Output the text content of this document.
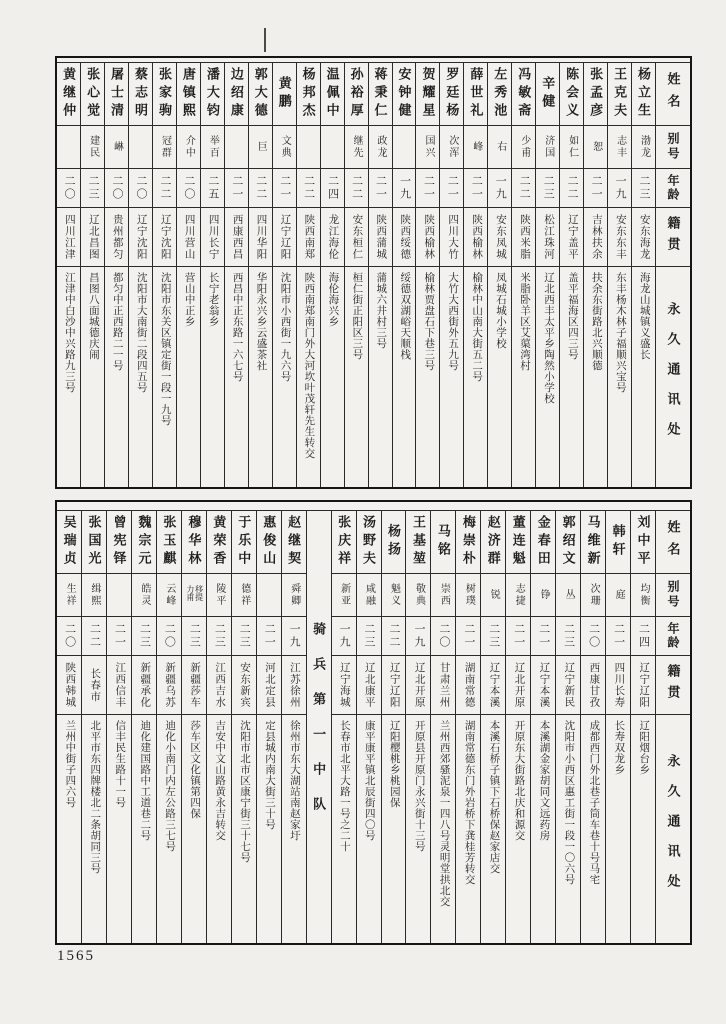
姓名
别号
年龄
籍贯
永久通讯处
杨立生
渤龙
二三
安东海龙
海龙山城镇义盛长
王克夫
志丰
一九
安东东丰
东丰杨木林子福顺兴宝号
张孟彦
恕
二一
吉林扶余
扶余东街路北兴顺德
陈会义
如仁
二二
辽宁盖平
盖平福海区四三号
辛健
济国
二三
松江珠河
辽北西丰太平乡陶然小学校
冯敏斋
少甫
二二
陕西米脂
米脂卧羊区艾蕖湾村
左秀池
右
一九
安东凤城
凤城石城小学校
薛世礼
峰
二一
陕西榆林
榆林中山南大街五二号
罗廷杨
次浑
二一
四川大竹
大竹大西街外五九号
贺耀星
国兴
二一
陕西榆林
榆林贾盘石下巷三号
安钟健
一九
陕西绥德
绥德双湖峪天顺栈
蒋秉仁
政龙
二一
陕西蒲城
蒲城六井村三号
孙裕厚
继先
二二
安东桓仁
桓仁街正阳区三号
温佩中
二四
龙江海伦
海伦海兴乡
杨邦杰
二二
陕西南郑
陕西南郑南门外大河坎叶茂轩先生转交
黄鹏
文典
二一
辽宁辽阳
沈阳市小西街一九六号
郭大德
巨
二二
四川华阳
华阳永兴乡云盛茶社
边绍康
二一
西康西昌
西昌中正东路一六七号
潘大钧
举百
二五
四川长宁
长宁老翁乡
唐镇熙
介中
二〇
四川营山
营山中正乡
张家驹
冠群
二二
辽宁沈阳
沈阳市东关区镇定街一段一九号
蔡志明
二〇
辽宁沈阳
沈阳市大南街二段四五号
屠士清
崊
二〇
贵州都匀
都匀中正西路二一号
张心觉
建民
二三
辽北昌图
昌图八面城德庆闹
黄继仲
二〇
四川江津
江津中白沙中兴路九三号
姓名
别号
年龄
籍贯
永久通讯处
刘中平
均衡
二四
辽宁辽阳
辽阳烟台乡
韩轩
庭
二一
四川长寿
长寿双龙乡
马维新
次珊
二〇
西康甘孜
成都西门外北巷子筒车巷十号马宅
郭绍文
丛
二三
辽宁新民
沈阳市小西区惠工街一段一〇六号
金春田
铮
二一
辽宁本溪
本溪湖金家胡同文远药房
董连魁
志捷
二一
辽北开原
开原东大街路北庆和源交
赵济群
锐
二三
辽宁本溪
本溪石桥子镇下石桥保赵家店交
梅崇朴
树璞
二一
湖南常德
湖南常德东门外岩桥下龚桂芳转交
马铭
崇西
二〇
甘肃兰州
兰州西郊骚泥泉一四八号灵明堂拱北交
王基堃
敬典
一九
辽北开原
开原县开原门永兴街十三号
杨扬
魁义
二二
辽宁辽阳
辽阳樱桃乡桃园保
汤野夫
咸融
二三
辽北康平
康平康平镇北辰街四〇号
张庆祥
新亚
一九
辽宁海城
长春市北平大路一号之二十
骑兵第一中队
赵继契
舜卿
一九
江苏徐州
徐州市东大湖站南赵家圩
惠俊山
二一
河北定县
定县城内南大街三十号
于乐中
德祥
二三
安东新宾
沈阳市北市区康宁街三十七号
黄荣香
陵平
二三
江西吉水
吉安中文山路黄永吉转交
穆华林
移提力甫
二三
新疆莎车
莎车区文化镇第四保
张玉麒
云峰
二〇
新疆乌苏
迪化小南门内左公路三七号
魏宗元
皓灵
二三
新疆承化
迪化建国路中工道巷二号
曾宪铎
二一
江西信丰
信丰民生路十一号
张国光
缉熙
二二
长春市
北平市东四牌楼北二条胡同三号
吴瑞贞
生祥
二〇
陕西韩城
兰州中街子四六号
1565
